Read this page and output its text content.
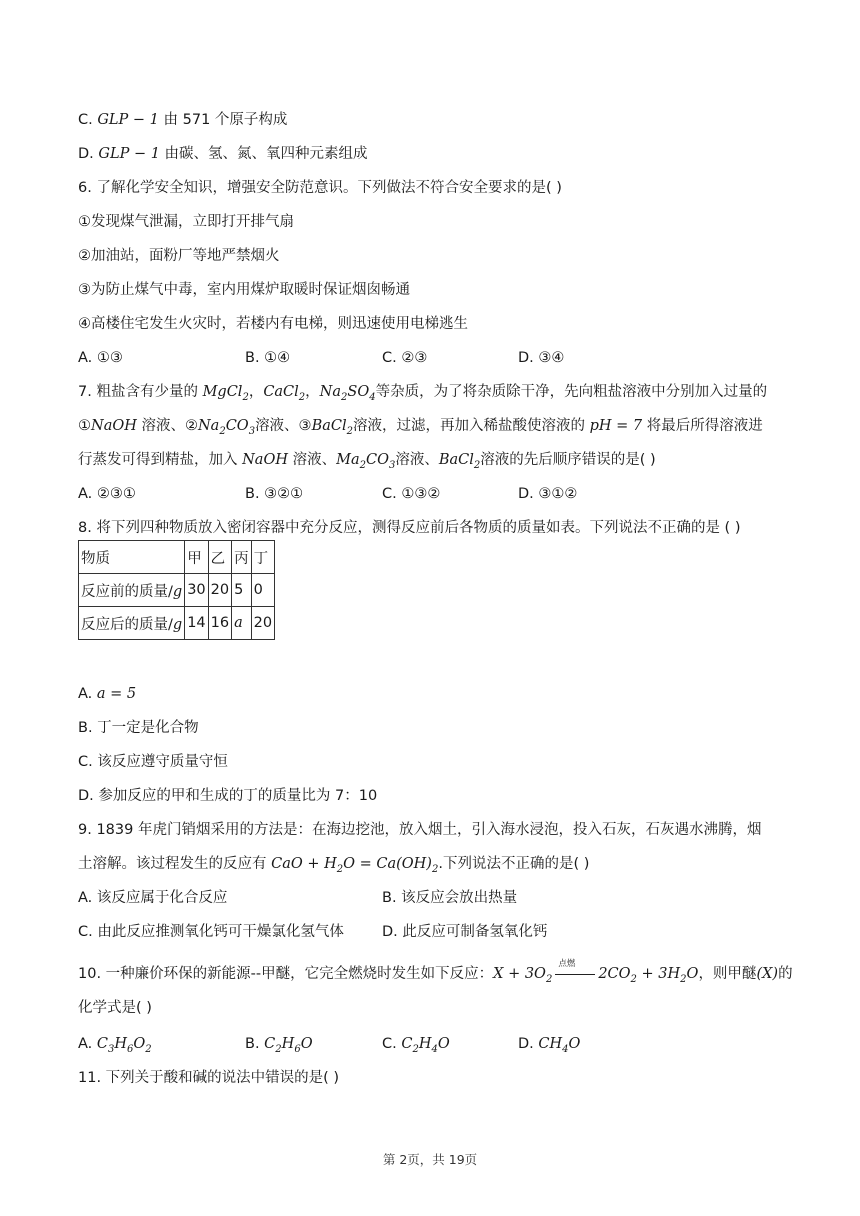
C. GLP − 1 由 571 个原子构成
D. GLP − 1 由碳、氢、氮、氧四种元素组成
6. 了解化学安全知识，增强安全防范意识。下列做法不符合安全要求的是( )
①发现煤气泄漏，立即打开排气扇
②加油站，面粉厂等地严禁烟火
③为防止煤气中毒，室内用煤炉取暖时保证烟囱畅通
④高楼住宅发生火灾时，若楼内有电梯，则迅速使用电梯逃生
A. ①③	B. ①④	C. ②③	D. ③④
7. 粗盐含有少量的 MgCl$_2$，CaCl$_2$，$Na_2SO_4$等杂质，为了将杂质除干净，先向粗盐溶液中分别加入过量的
①NaOH 溶液、$②Na_2CO_3$溶液、③BaCl$_2$溶液，过滤，再加入稀盐酸使溶液的 pH = 7 将最后所得溶液进
行蒸发可得到精盐，加入 NaOH 溶液、$Ma_2CO_3$溶液、BaCl$_2$溶液的先后顺序错误的是( )
A. ②③①	B. ③②①	C. ①③②	D. ③①②
8. 将下列四种物质放入密闭容器中充分反应，测得反应前后各物质的质量如表。下列说法不正确的是 ( )
物质	甲	乙	丙	丁
反应前的质量/g	30	20	5	0
反应后的质量/g	14	16	a	20
A. a = 5
B. 丁一定是化合物
C. 该反应遵守质量守恒
D. 参加反应的甲和生成的丁的质量比为 7：10
9. 1839 年虎门销烟采用的方法是：在海边挖池，放入烟土，引入海水浸泡，投入石灰，石灰遇水沸腾，烟
土溶解。该过程发生的反应有 CaO + $H_2O = Ca(OH)_2$.下列说法不正确的是( )
A. 该反应属于化合反应	B. 该反应会放出热量
C. 由此反应推测氧化钙可干燥氯化氢气体	D. 此反应可制备氢氧化钙
10. 一种廉价环保的新能源--甲醚，它完全燃烧时发生如下反应：$X + 3O_2$
点燃
$2CO_2 + 3H_2O$，则甲醚(X)的
化学式是( )
A. $C_3H_6O_2$	B. $C_2H_6O$	C. $C_2H_4O$	D. $CH_4O$
11. 下列关于酸和碱的说法中错误的是( )
第 2页，共 19页
